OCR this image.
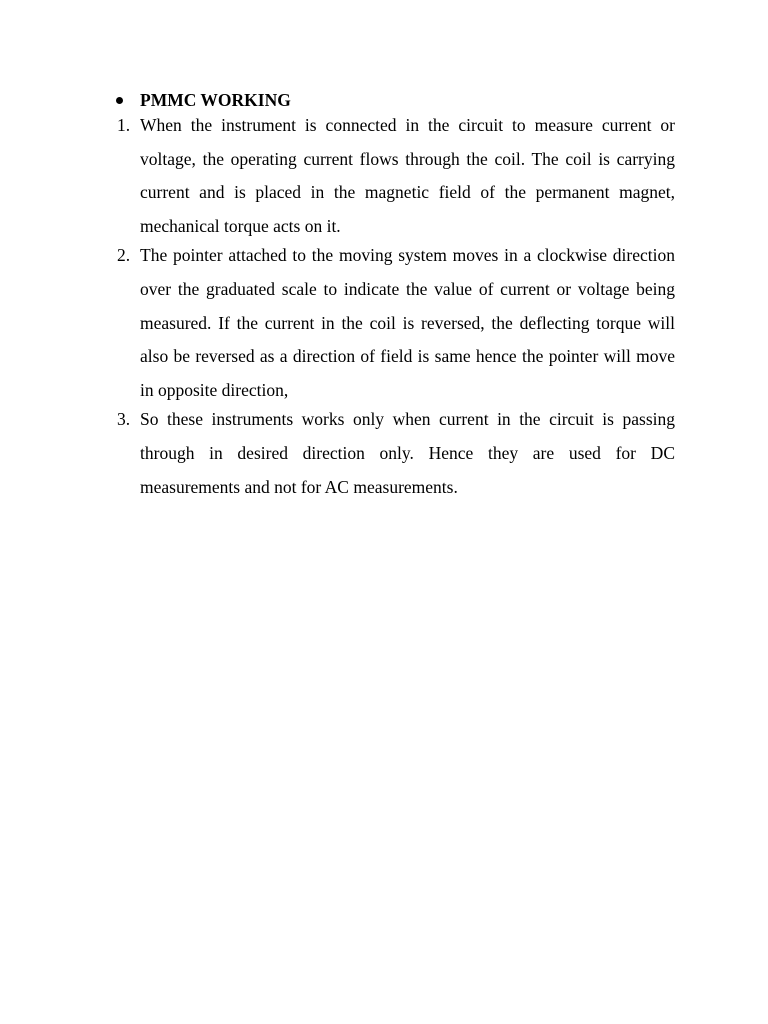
PMMC WORKING
1. When the instrument is connected in the circuit to measure current or voltage, the operating current flows through the coil. The coil is carrying current and is placed in the magnetic field of the permanent magnet, mechanical torque acts on it.
2. The pointer attached to the moving system moves in a clockwise direction over the graduated scale to indicate the value of current or voltage being measured. If the current in the coil is reversed, the deflecting torque will also be reversed as a direction of field is same hence the pointer will move in opposite direction,
3. So these instruments works only when current in the circuit is passing through in desired direction only. Hence they are used for DC measurements and not for AC measurements.
